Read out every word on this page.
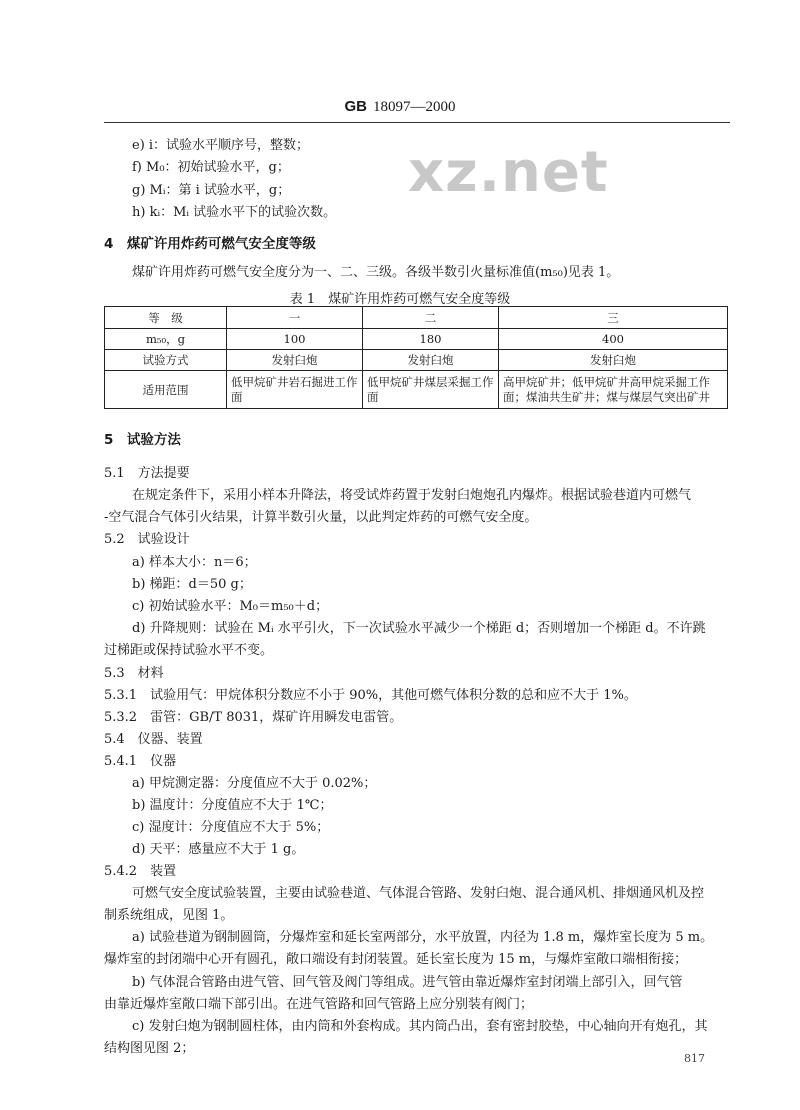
GB 18097—2000
xz.net
e) i：试验水平顺序号，整数；
f) M₀：初始试验水平，g；
g) Mᵢ：第 i 试验水平，g；
h) kᵢ：Mᵢ 试验水平下的试验次数。
4　煤矿许用炸药可燃气安全度等级
煤矿许用炸药可燃气安全度分为一、二、三级。各级半数引火量标准值(m₅₀)见表 1。
表 1　煤矿许用炸药可燃气安全度等级
等　级	一	二	三
m₅₀，g	100	180	400
试验方式	发射臼炮	发射臼炮	发射臼炮
适用范围	低甲烷矿井岩石掘进工作面	低甲烷矿井煤层采掘工作面	高甲烷矿井；低甲烷矿井高甲烷采掘工作面；煤油共生矿井；煤与煤层气突出矿井
5　试验方法
5.1　方法提要
在规定条件下，采用小样本升降法，将受试炸药置于发射臼炮炮孔内爆炸。根据试验巷道内可燃气
-空气混合气体引火结果，计算半数引火量，以此判定炸药的可燃气安全度。
5.2　试验设计
a) 样本大小：n＝6；
b) 梯距：d＝50 g；
c) 初始试验水平：M₀＝m₅₀＋d；
d) 升降规则：试验在 Mᵢ 水平引火，下一次试验水平减少一个梯距 d；否则增加一个梯距 d。不许跳
过梯距或保持试验水平不变。
5.3　材料
5.3.1　试验用气：甲烷体积分数应不小于 90%，其他可燃气体积分数的总和应不大于 1%。
5.3.2　雷管：GB/T 8031，煤矿许用瞬发电雷管。
5.4　仪器、装置
5.4.1　仪器
a) 甲烷测定器：分度值应不大于 0.02%；
b) 温度计：分度值应不大于 1℃；
c) 湿度计：分度值应不大于 5%；
d) 天平：感量应不大于 1 g。
5.4.2　装置
可燃气安全度试验装置，主要由试验巷道、气体混合管路、发射臼炮、混合通风机、排烟通风机及控
制系统组成，见图 1。
a) 试验巷道为钢制圆筒，分爆炸室和延长室两部分，水平放置，内径为 1.8 m，爆炸室长度为 5 m。
爆炸室的封闭端中心开有圆孔，敞口端设有封闭装置。延长室长度为 15 m，与爆炸室敞口端相衔接；
b) 气体混合管路由进气管、回气管及阀门等组成。进气管由靠近爆炸室封闭端上部引入，回气管
由靠近爆炸室敞口端下部引出。在进气管路和回气管路上应分别装有阀门；
c) 发射臼炮为钢制圆柱体，由内筒和外套构成。其内筒凸出，套有密封胶垫，中心轴向开有炮孔，其
结构图见图 2；
817
